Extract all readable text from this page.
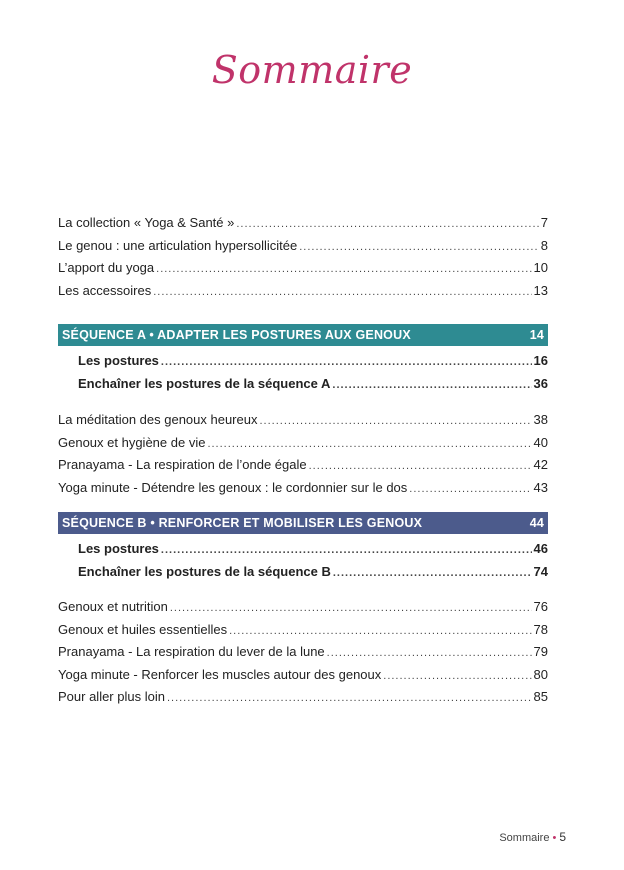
Sommaire
La collection « Yoga & Santé » .....	7
Le genou : une articulation hypersollicitée .....	8
L’apport du yoga .....	10
Les accessoires .....	13
SÉQUENCE A • ADAPTER LES POSTURES AUX GENOUX	14
Les postures .....	16
Enchaîner les postures de la séquence A .....	36
La méditation des genoux heureux .....	38
Genoux et hygiène de vie .....	40
Pranayama - La respiration de l’onde égale .....	42
Yoga minute - Détendre les genoux : le cordonnier sur le dos .....	43
SÉQUENCE B • RENFORCER ET MOBILISER LES GENOUX	44
Les postures .....	46
Enchaîner les postures de la séquence B .....	74
Genoux et nutrition .....	76
Genoux et huiles essentielles .....	78
Pranayama - La respiration du lever de la lune .....	79
Yoga minute - Renforcer les muscles autour des genoux .....	80
Pour aller plus loin .....	85
Sommaire • 5
